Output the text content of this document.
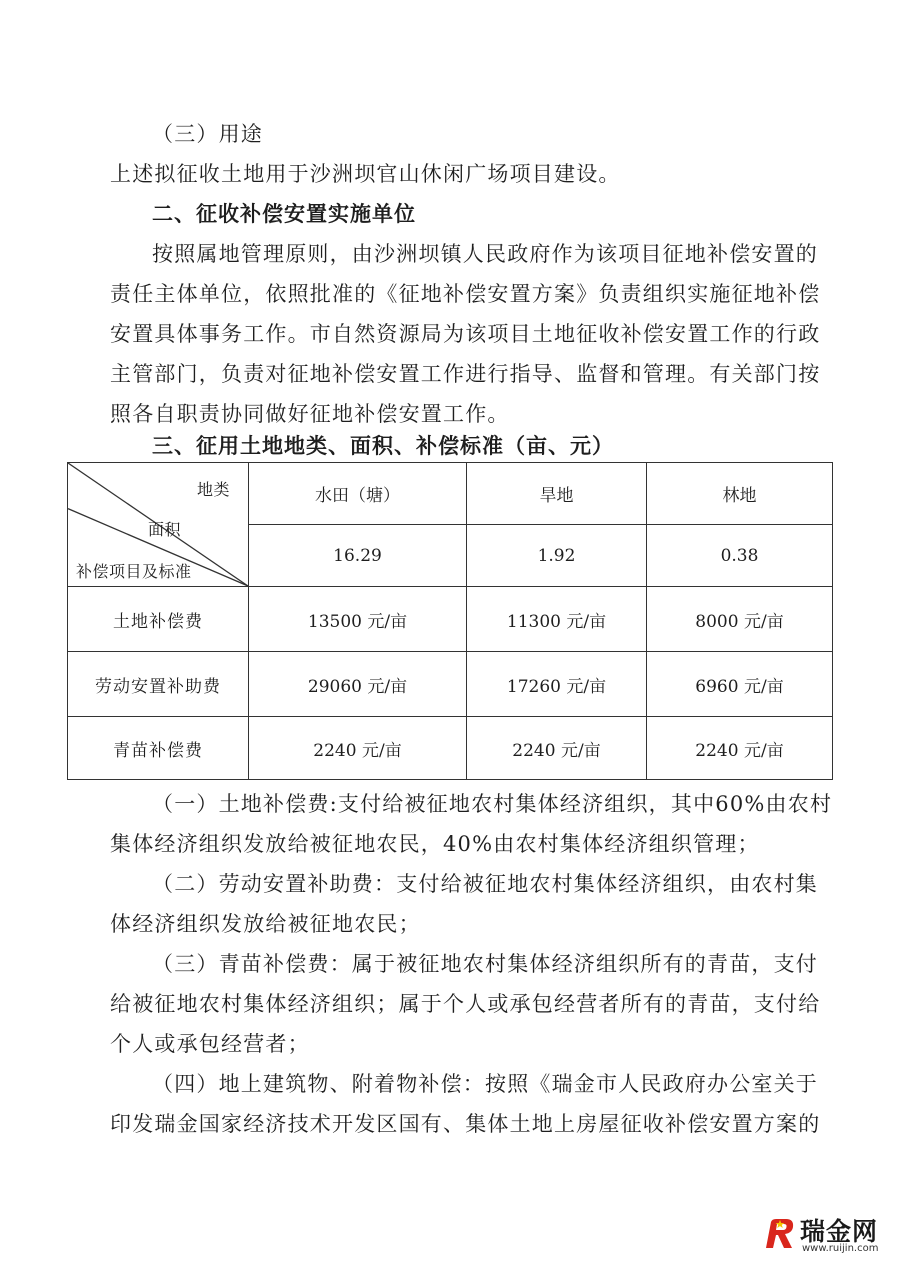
（三）用途
上述拟征收土地用于沙洲坝官山休闲广场项目建设。
二、征收补偿安置实施单位
按照属地管理原则，由沙洲坝镇人民政府作为该项目征地补偿安置的
责任主体单位，依照批准的《征地补偿安置方案》负责组织实施征地补偿
安置具体事务工作。市自然资源局为该项目土地征收补偿安置工作的行政
主管部门，负责对征地补偿安置工作进行指导、监督和管理。有关部门按
照各自职责协同做好征地补偿安置工作。
三、征用土地地类、面积、补偿标准（亩、元）
地类
面积
补偿项目及标准	水田（塘）	旱地	林地
	16.29	1.92	0.38
土地补偿费	13500 元/亩	11300 元/亩	8000 元/亩
劳动安置补助费	29060 元/亩	17260 元/亩	6960 元/亩
青苗补偿费	2240 元/亩	2240 元/亩	2240 元/亩
（一）土地补偿费:支付给被征地农村集体经济组织，其中60%由农村
集体经济组织发放给被征地农民，40%由农村集体经济组织管理；
（二）劳动安置补助费：支付给被征地农村集体经济组织，由农村集
体经济组织发放给被征地农民；
（三）青苗补偿费：属于被征地农村集体经济组织所有的青苗，支付
给被征地农村集体经济组织；属于个人或承包经营者所有的青苗，支付给
个人或承包经营者；
（四）地上建筑物、附着物补偿：按照《瑞金市人民政府办公室关于
印发瑞金国家经济技术开发区国有、集体土地上房屋征收补偿安置方案的
瑞金网
www.ruijin.com
